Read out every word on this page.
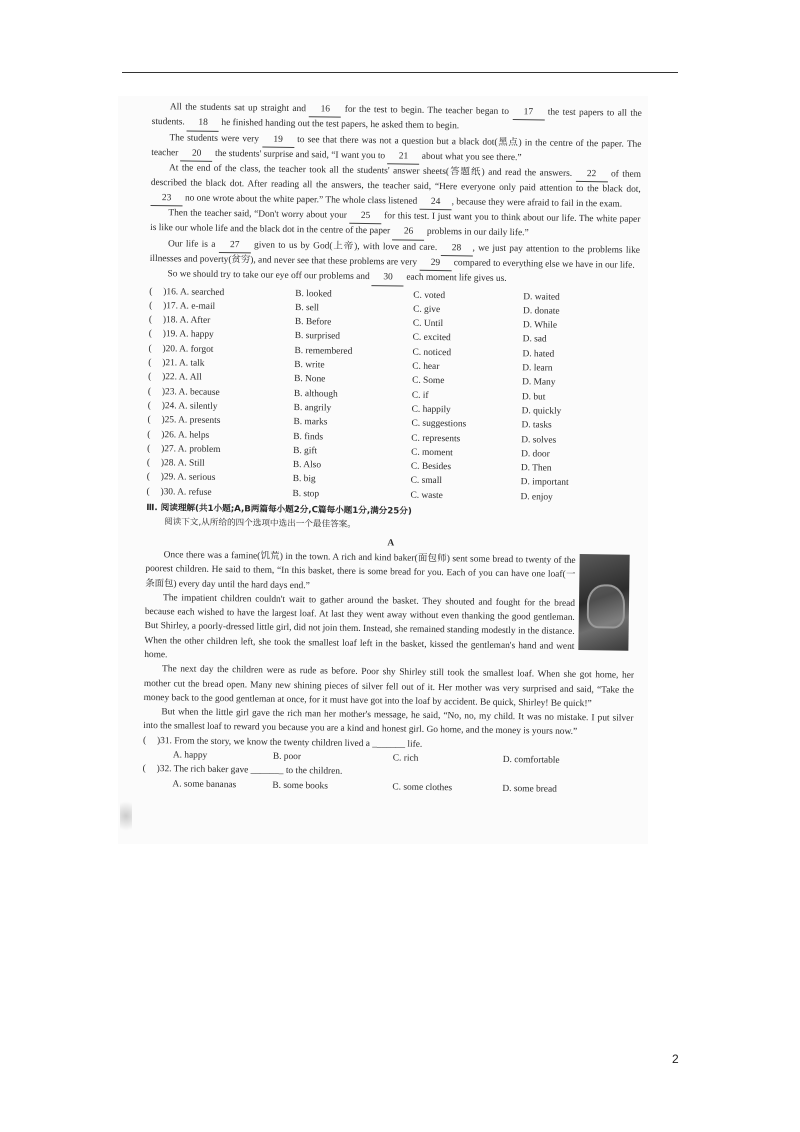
All the students sat up straight and 16 for the test to begin. The teacher began to 17 the test papers to all the students. 18 he finished handing out the test papers, he asked them to begin.

The students were very 19 to see that there was not a question but a black dot(黑点) in the centre of the paper. The teacher 20 the students' surprise and said, “I want you to 21 about what you see there.”

At the end of the class, the teacher took all the students' answer sheets(答题纸) and read the answers. 22 of them described the black dot. After reading all the answers, the teacher said, “Here everyone only paid attention to the black dot, 23 no one wrote about the white paper.” The whole class listened 24 , because they were afraid to fail in the exam.

Then the teacher said, “Don't worry about your 25 for this test. I just want you to think about our life. The white paper is like our whole life and the black dot in the centre of the paper 26 problems in our daily life.”

Our life is a 27 given to us by God(上帝), with love and care. 28 , we just pay attention to the problems like illnesses and poverty(贫穷), and never see that these problems are very 29 compared to everything else we have in our life.

So we should try to take our eye off our problems and 30 each moment life gives us.

(	)16. A. searched	B. looked	C. voted	D. waited
(	)17. A. e-mail	B. sell	C. give	D. donate
(	)18. A. After	B. Before	C. Until	D. While
(	)19. A. happy	B. surprised	C. excited	D. sad
(	)20. A. forgot	B. remembered	C. noticed	D. hated
(	)21. A. talk	B. write	C. hear	D. learn
(	)22. A. All	B. None	C. Some	D. Many
(	)23. A. because	B. although	C. if	D. but
(	)24. A. silently	B. angrily	C. happily	D. quickly
(	)25. A. presents	B. marks	C. suggestions	D. tasks
(	)26. A. helps	B. finds	C. represents	D. solves
(	)27. A. problem	B. gift	C. moment	D. door
(	)28. A. Still	B. Also	C. Besides	D. Then
(	)29. A. serious	B. big	C. small	D. important
(	)30. A. refuse	B. stop	C. waste	D. enjoy
Ⅲ. 阅读理解(共1小题;A,B两篇每小题2分,C篇每小题1分,满分25分)
阅读下文,从所给的四个选项中选出一个最佳答案。
A

Once there was a famine(饥荒) in the town. A rich and kind baker(面包师) sent some bread to twenty of the poorest children. He said to them, “In this basket, there is some bread for you. Each of you can have one loaf(一条面包) every day until the hard days end.”

The impatient children couldn't wait to gather around the basket. They shouted and fought for the bread because each wished to have the largest loaf. At last they went away without even thanking the good gentleman. But Shirley, a poorly-dressed little girl, did not join them. Instead, she remained standing modestly in the distance. When the other children left, she took the smallest loaf left in the basket, kissed the gentleman's hand and went home.

The next day the children were as rude as before. Poor shy Shirley still took the smallest loaf. When she got home, her mother cut the bread open. Many new shining pieces of silver fell out of it. Her mother was very surprised and said, “Take the money back to the good gentleman at once, for it must have got into the loaf by accident. Be quick, Shirley! Be quick!”

But when the little girl gave the rich man her mother's message, he said, “No, no, my child. It was no mistake. I put silver into the smallest loaf to reward you because you are a kind and honest girl. Go home, and the money is yours now.”

(	)31. From the story, we know the twenty children lived a _______ life.
A. happy	B. poor	C. rich	D. comfortable
(	)32. The rich baker gave _______ to the children.
A. some bananas	B. some books	C. some clothes	D. some bread
2
